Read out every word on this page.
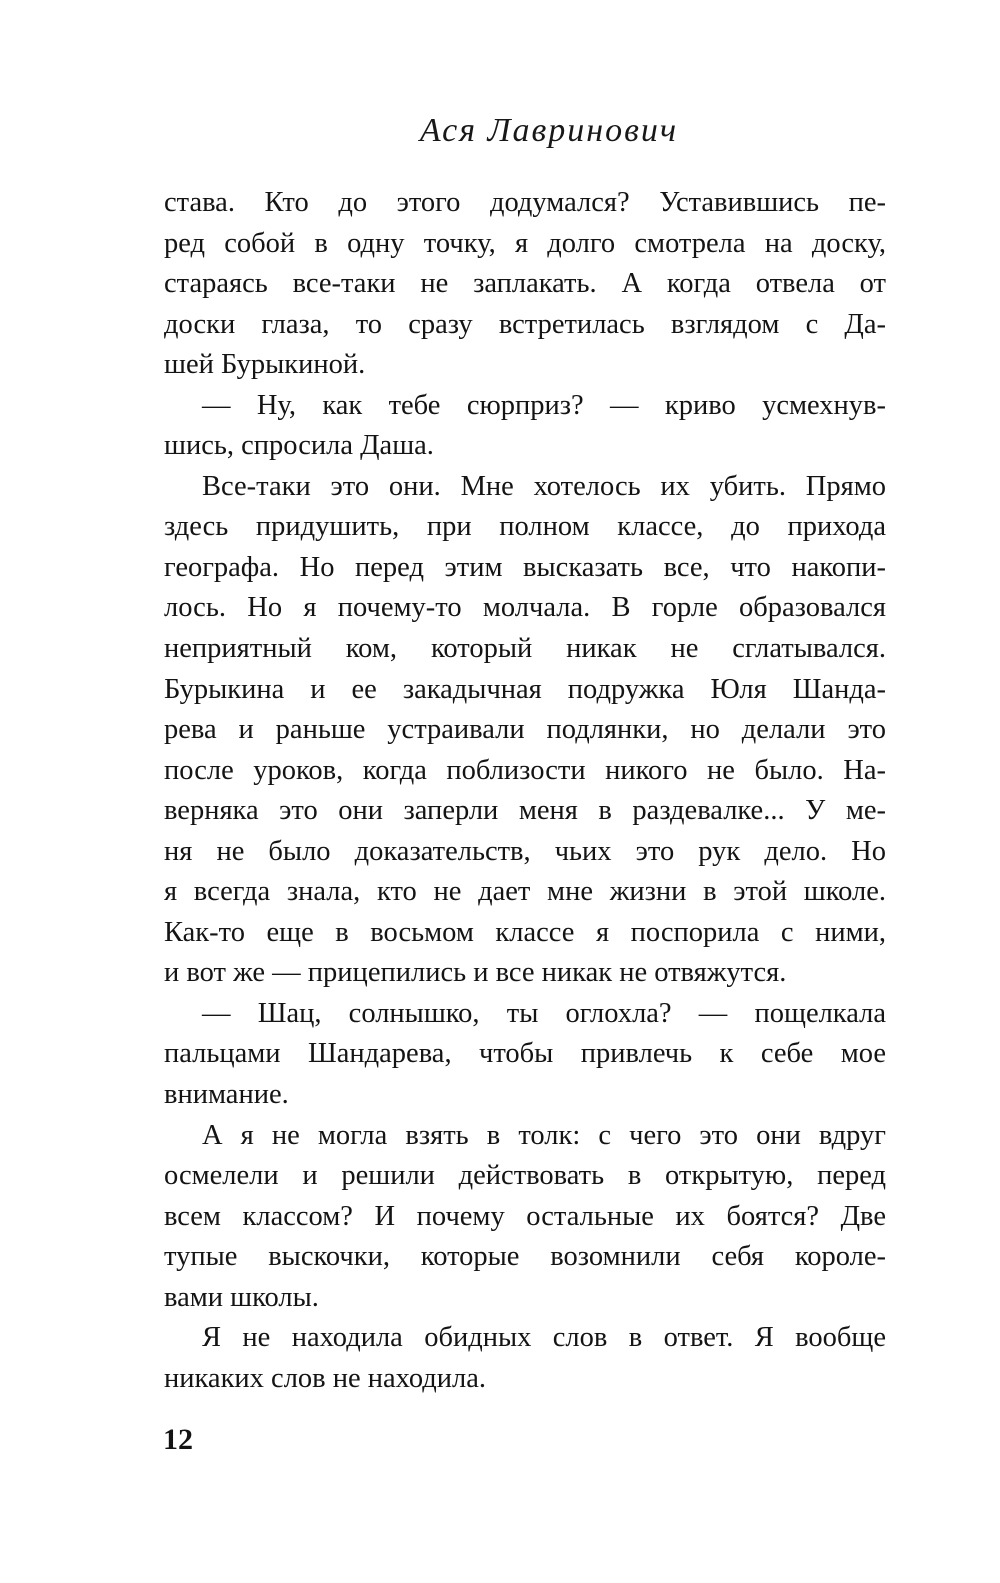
Ася Лавринович
става. Кто до этого додумался? Уставившись пе-
ред собой в одну точку, я долго смотрела на доску,
стараясь все-таки не заплакать. А когда отвела от
доски глаза, то сразу встретилась взглядом с Да-
шей Бурыкиной.
— Ну, как тебе сюрприз? — криво усмехнув-
шись, спросила Даша.
Все-таки это они. Мне хотелось их убить. Прямо
здесь придушить, при полном классе, до прихода
географа. Но перед этим высказать все, что накопи-
лось. Но я почему-то молчала. В горле образовался
неприятный ком, который никак не сглатывался.
Бурыкина и ее закадычная подружка Юля Шанда-
рева и раньше устраивали подлянки, но делали это
после уроков, когда поблизости никого не было. На-
верняка это они заперли меня в раздевалке... У ме-
ня не было доказательств, чьих это рук дело. Но
я всегда знала, кто не дает мне жизни в этой школе.
Как-то еще в восьмом классе я поспорила с ними,
и вот же — прицепились и все никак не отвяжутся.
— Шац, солнышко, ты оглохла? — пощелкала
пальцами Шандарева, чтобы привлечь к себе мое
внимание.
А я не могла взять в толк: с чего это они вдруг
осмелели и решили действовать в открытую, перед
всем классом? И почему остальные их боятся? Две
тупые выскочки, которые возомнили себя короле-
вами школы.
Я не находила обидных слов в ответ. Я вообще
никаких слов не находила.
12
